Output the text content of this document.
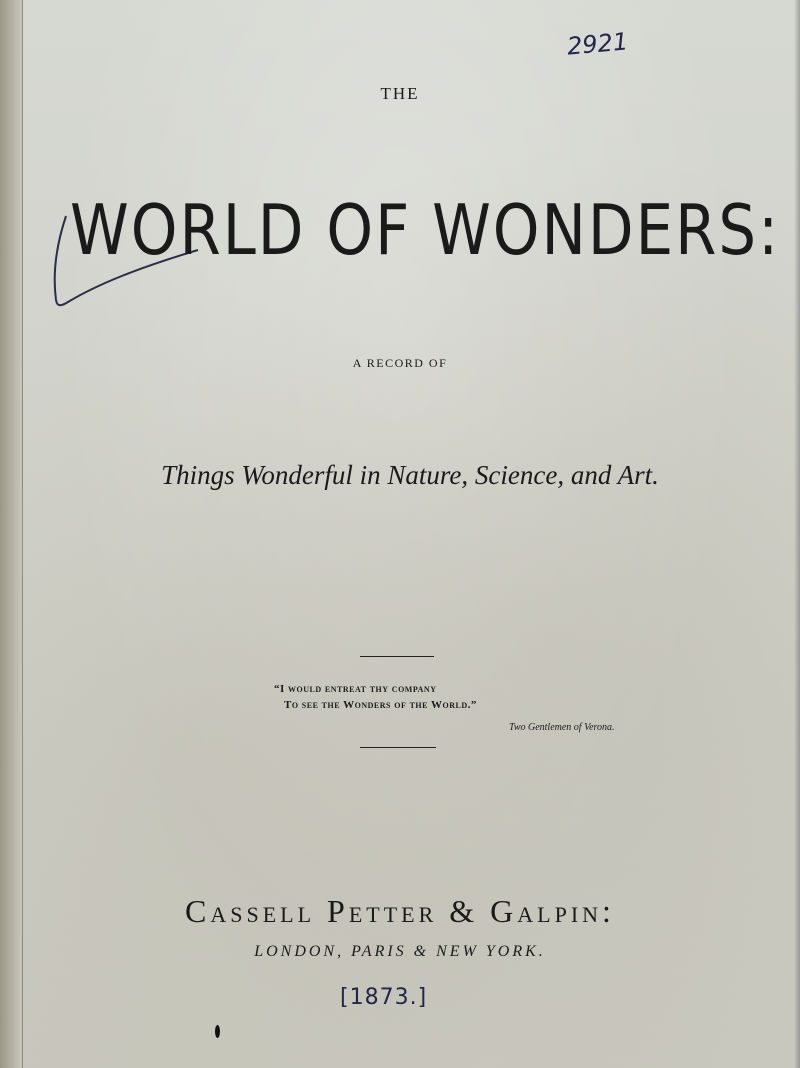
2921
THE
WORLD OF WONDERS:
A RECORD OF
Things Wonderful in Nature, Science, and Art.
“I would entreat thy company
To see the Wonders of the World.”
Two Gentlemen of Verona.
Cassell Petter & Galpin:
LONDON, PARIS & NEW YORK.
[1873.]
